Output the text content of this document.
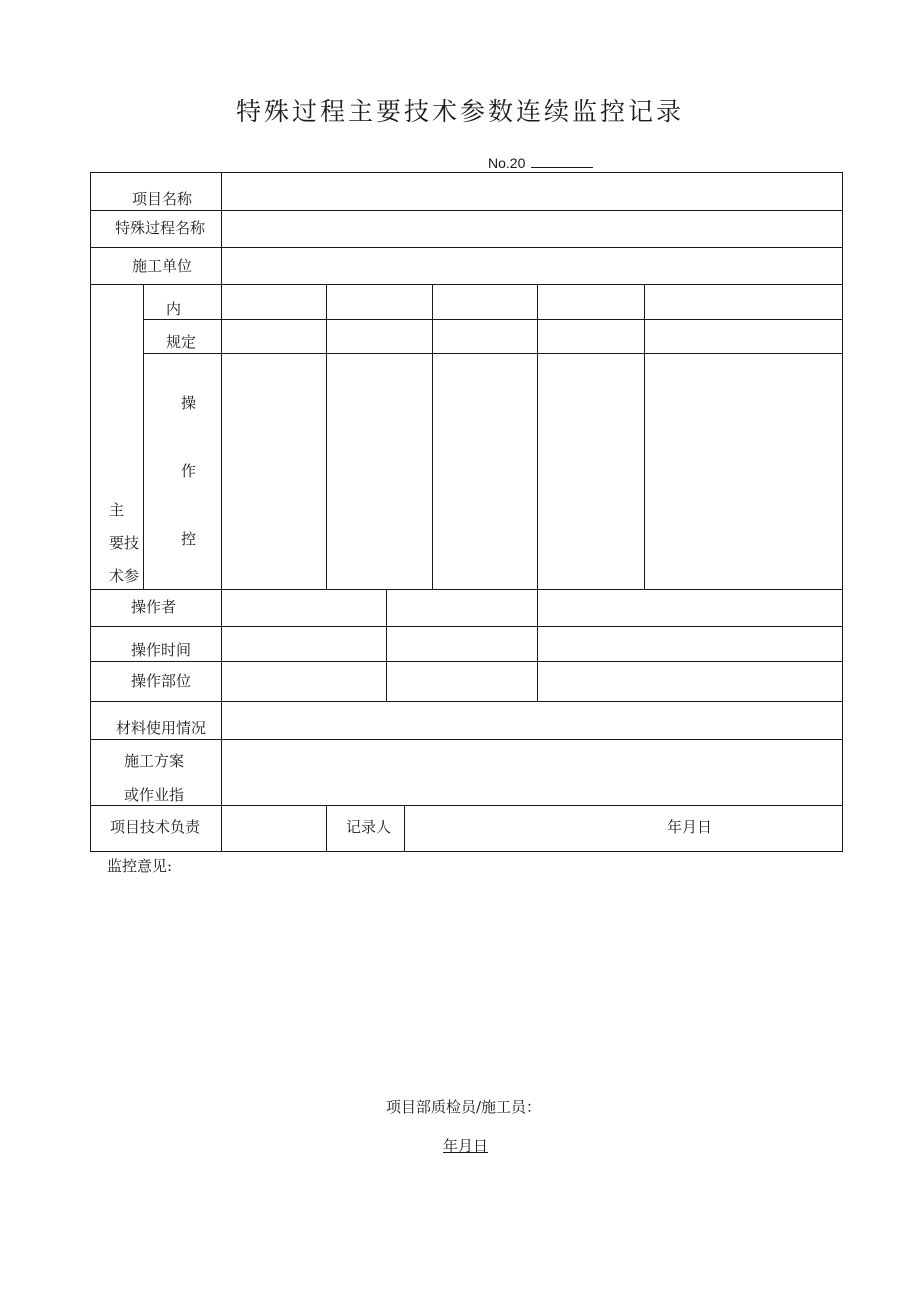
特殊过程主要技术参数连续监控记录
No.20
项目名称
特殊过程名称
施工单位
主
要技
术参
内
规定
操
作
控
操作者
操作时间
操作部位
材料使用情况
施工方案
或作业指
项目技术负责	记录人	年月日
监控意见:
项目部质检员/施工员：
年月日
